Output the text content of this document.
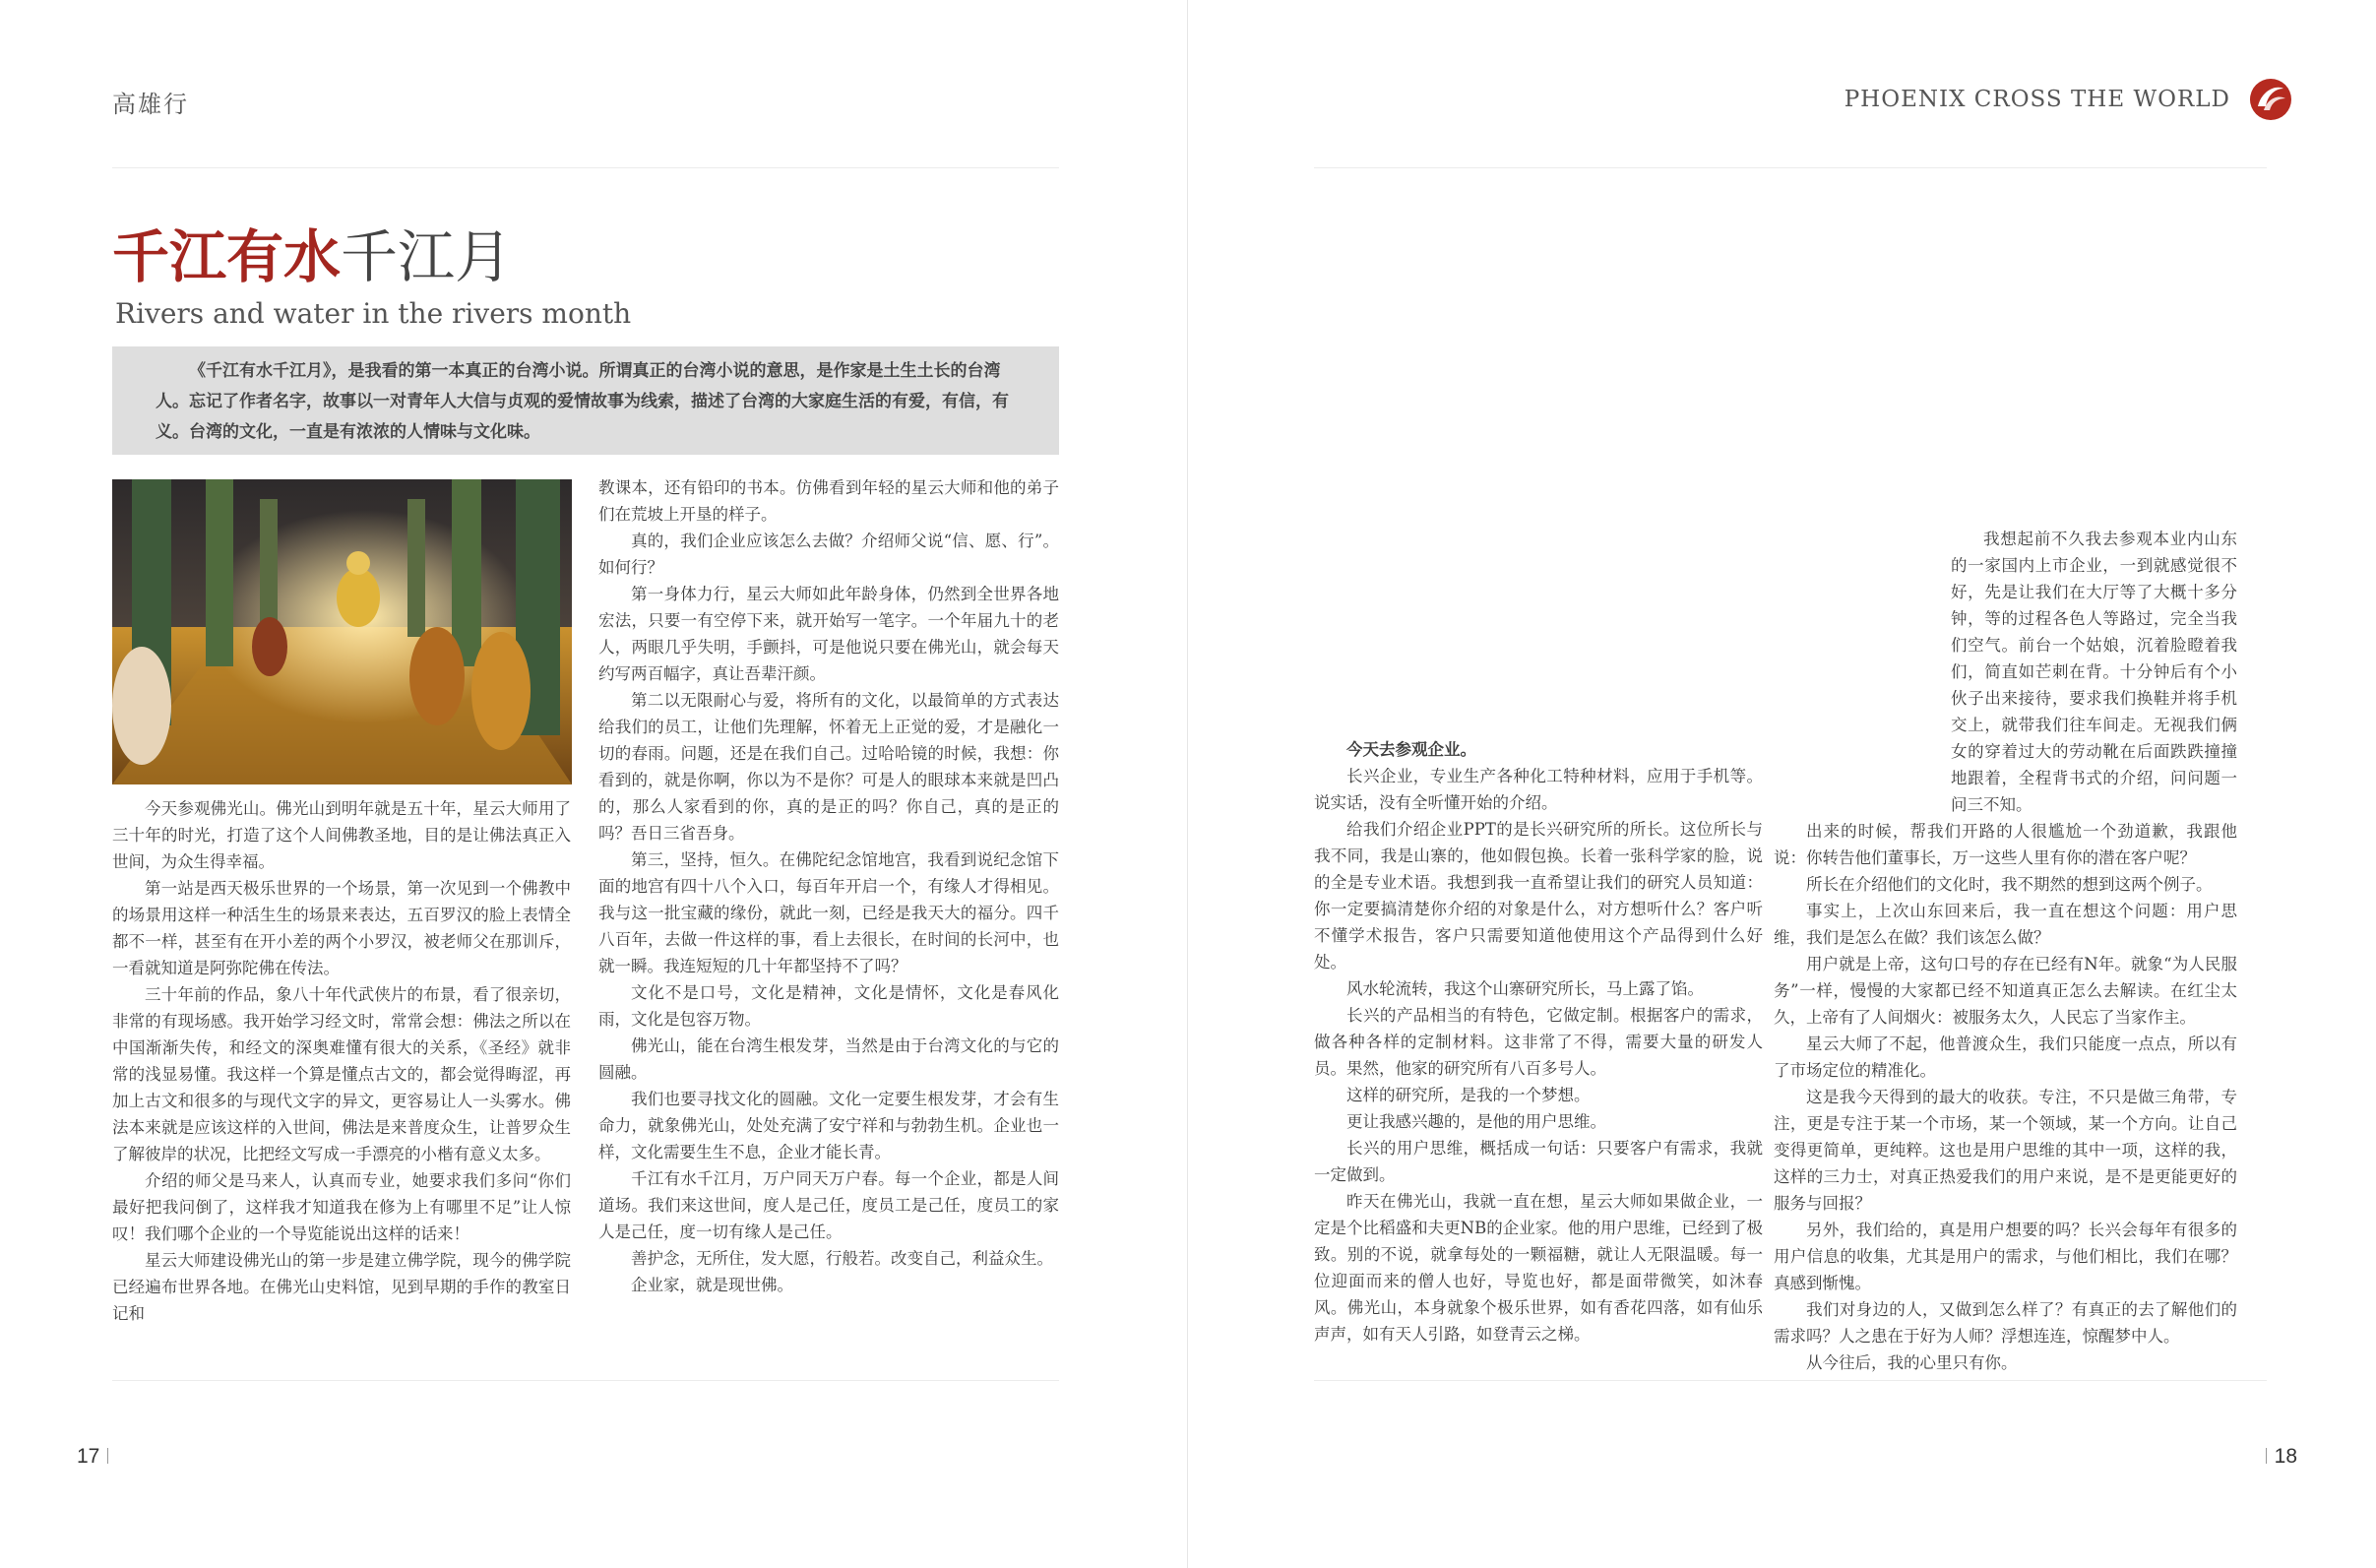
高雄行
千江有水千江月
Rivers and water in the rivers month
《千江有水千江月》，是我看的第一本真正的台湾小说。所谓真正的台湾小说的意思，是作家是土生土长的台湾人。忘记了作者名字，故事以一对青年人大信与贞观的爱情故事为线索，描述了台湾的大家庭生活的有爱，有信，有义。台湾的文化，一直是有浓浓的人情味与文化味。

今天参观佛光山。佛光山到明年就是五十年，星云大师用了三十年的时光，打造了这个人间佛教圣地，目的是让佛法真正入世间，为众生得幸福。

第一站是西天极乐世界的一个场景，第一次见到一个佛教中的场景用这样一种活生生的场景来表达，五百罗汉的脸上表情全都不一样，甚至有在开小差的两个小罗汉，被老师父在那训斥，一看就知道是阿弥陀佛在传法。

三十年前的作品，象八十年代武侠片的布景，看了很亲切，非常的有现场感。我开始学习经文时，常常会想：佛法之所以在中国渐渐失传，和经文的深奥难懂有很大的关系，《圣经》就非常的浅显易懂。我这样一个算是懂点古文的，都会觉得晦涩，再加上古文和很多的与现代文字的异文，更容易让人一头雾水。佛法本来就是应该这样的入世间，佛法是来普度众生，让普罗众生了解彼岸的状况，比把经文写成一手漂亮的小楷有意义太多。

介绍的师父是马来人，认真而专业，她要求我们多问“你们最好把我问倒了，这样我才知道我在修为上有哪里不足”让人惊叹！我们哪个企业的一个导览能说出这样的话来！

星云大师建设佛光山的第一步是建立佛学院，现今的佛学院已经遍布世界各地。在佛光山史料馆，见到早期的手作的教室日记和

教课本，还有铅印的书本。仿佛看到年轻的星云大师和他的弟子们在荒坡上开垦的样子。

真的，我们企业应该怎么去做？介绍师父说“信、愿、行”。如何行？

第一身体力行，星云大师如此年龄身体，仍然到全世界各地宏法，只要一有空停下来，就开始写一笔字。一个年届九十的老人，两眼几乎失明，手颤抖，可是他说只要在佛光山，就会每天约写两百幅字，真让吾辈汗颜。

第二以无限耐心与爱，将所有的文化，以最简单的方式表达给我们的员工，让他们先理解，怀着无上正觉的爱，才是融化一切的春雨。问题，还是在我们自己。过哈哈镜的时候，我想：你看到的，就是你啊，你以为不是你？可是人的眼球本来就是凹凸的，那么人家看到的你，真的是正的吗？你自己，真的是正的吗？吾日三省吾身。

第三，坚持，恒久。在佛陀纪念馆地宫，我看到说纪念馆下面的地宫有四十八个入口，每百年开启一个，有缘人才得相见。我与这一批宝藏的缘份，就此一刻，已经是我天大的福分。四千八百年，去做一件这样的事，看上去很长，在时间的长河中，也就一瞬。我连短短的几十年都坚持不了吗？

文化不是口号，文化是精神，文化是情怀，文化是春风化雨，文化是包容万物。

佛光山，能在台湾生根发芽，当然是由于台湾文化的与它的圆融。

我们也要寻找文化的圆融。文化一定要生根发芽，才会有生命力，就象佛光山，处处充满了安宁祥和与勃勃生机。企业也一样，文化需要生生不息，企业才能长青。

千江有水千江月，万户同天万户春。每一个企业，都是人间道场。我们来这世间，度人是己任，度员工是己任，度员工的家人是己任，度一切有缘人是己任。

善护念，无所住，发大愿，行般若。改变自己，利益众生。

企业家，就是现世佛。

17
PHOENIX CROSS THE WORLD

今天去参观企业。

长兴企业，专业生产各种化工特种材料，应用于手机等。说实话，没有全听懂开始的介绍。

给我们介绍企业PPT的是长兴研究所的所长。这位所长与我不同，我是山寨的，他如假包换。长着一张科学家的脸，说的全是专业术语。我想到我一直希望让我们的研究人员知道：你一定要搞清楚你介绍的对象是什么，对方想听什么？客户听不懂学术报告，客户只需要知道他使用这个产品得到什么好处。

风水轮流转，我这个山寨研究所长，马上露了馅。

长兴的产品相当的有特色，它做定制。根据客户的需求，做各种各样的定制材料。这非常了不得，需要大量的研发人员。果然，他家的研究所有八百多号人。

这样的研究所，是我的一个梦想。

更让我感兴趣的，是他的用户思维。

长兴的用户思维，概括成一句话：只要客户有需求，我就一定做到。

昨天在佛光山，我就一直在想，星云大师如果做企业，一定是个比稻盛和夫更NB的企业家。他的用户思维，已经到了极致。别的不说，就拿每处的一颗福糖，就让人无限温暖。每一位迎面而来的僧人也好，导览也好，都是面带微笑，如沐春风。佛光山，本身就象个极乐世界，如有香花四落，如有仙乐声声，如有天人引路，如登青云之梯。

我想起前不久我去参观本业内山东的一家国内上市企业，一到就感觉很不好，先是让我们在大厅等了大概十多分钟，等的过程各色人等路过，完全当我们空气。前台一个姑娘，沉着脸瞪着我们，简直如芒刺在背。十分钟后有个小伙子出来接待，要求我们换鞋并将手机交上，就带我们往车间走。无视我们俩女的穿着过大的劳动靴在后面跌跌撞撞地跟着，全程背书式的介绍，问问题一问三不知。

出来的时候，帮我们开路的人很尴尬一个劲道歉，我跟他说：你转告他们董事长，万一这些人里有你的潜在客户呢？

所长在介绍他们的文化时，我不期然的想到这两个例子。

事实上，上次山东回来后，我一直在想这个问题：用户思维，我们是怎么在做？我们该怎么做？

用户就是上帝，这句口号的存在已经有N年。就象“为人民服务”一样，慢慢的大家都已经不知道真正怎么去解读。在红尘太久，上帝有了人间烟火：被服务太久，人民忘了当家作主。

星云大师了不起，他普渡众生，我们只能度一点点，所以有了市场定位的精准化。

这是我今天得到的最大的收获。专注，不只是做三角带，专注，更是专注于某一个市场，某一个领域，某一个方向。让自己变得更简单，更纯粹。这也是用户思维的其中一项，这样的我，这样的三力士，对真正热爱我们的用户来说，是不是更能更好的服务与回报？

另外，我们给的，真是用户想要的吗？长兴会每年有很多的用户信息的收集，尤其是用户的需求，与他们相比，我们在哪？真感到惭愧。

我们对身边的人，又做到怎么样了？有真正的去了解他们的需求吗？人之患在于好为人师？浮想连连，惊醒梦中人。

从今往后，我的心里只有你。

18
